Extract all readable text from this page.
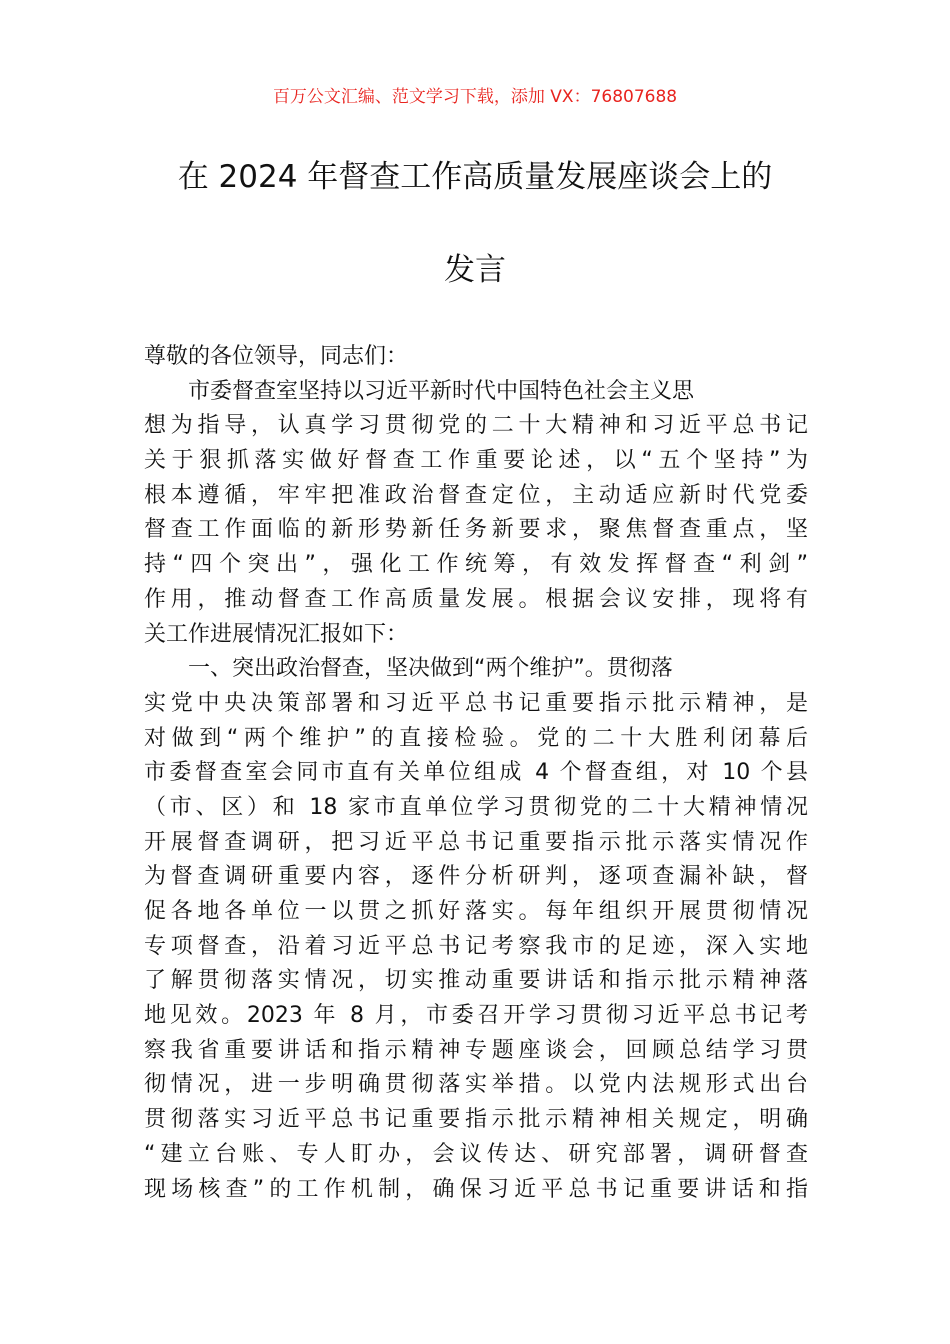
百万公文汇编、范文学习下载，添加 VX：76807688
在 2024 年督查工作高质量发展座谈会上的
发言
尊敬的各位领导，同志们：
市委督查室坚持以习近平新时代中国特色社会主义思
想为指导，认真学习贯彻党的二十大精神和习近平总书记
关于狠抓落实做好督查工作重要论述，以“五个坚持”为
根本遵循，牢牢把准政治督查定位，主动适应新时代党委
督查工作面临的新形势新任务新要求，聚焦督查重点，坚
持“四个突出”，强化工作统筹，有效发挥督查“利剑”
作用，推动督查工作高质量发展。根据会议安排，现将有
关工作进展情况汇报如下：
一、突出政治督查，坚决做到“两个维护”。贯彻落
实党中央决策部署和习近平总书记重要指示批示精神，是
对做到“两个维护”的直接检验。党的二十大胜利闭幕后
市委督查室会同市直有关单位组成 4 个督查组，对 10 个县
（市、区）和 18 家市直单位学习贯彻党的二十大精神情况
开展督查调研，把习近平总书记重要指示批示落实情况作
为督查调研重要内容，逐件分析研判，逐项查漏补缺，督
促各地各单位一以贯之抓好落实。每年组织开展贯彻情况
专项督查，沿着习近平总书记考察我市的足迹，深入实地
了解贯彻落实情况，切实推动重要讲话和指示批示精神落
地见效。2023 年 8 月，市委召开学习贯彻习近平总书记考
察我省重要讲话和指示精神专题座谈会，回顾总结学习贯
彻情况，进一步明确贯彻落实举措。以党内法规形式出台
贯彻落实习近平总书记重要指示批示精神相关规定，明确
“建立台账、专人盯办，会议传达、研究部署，调研督查
现场核查”的工作机制，确保习近平总书记重要讲话和指
